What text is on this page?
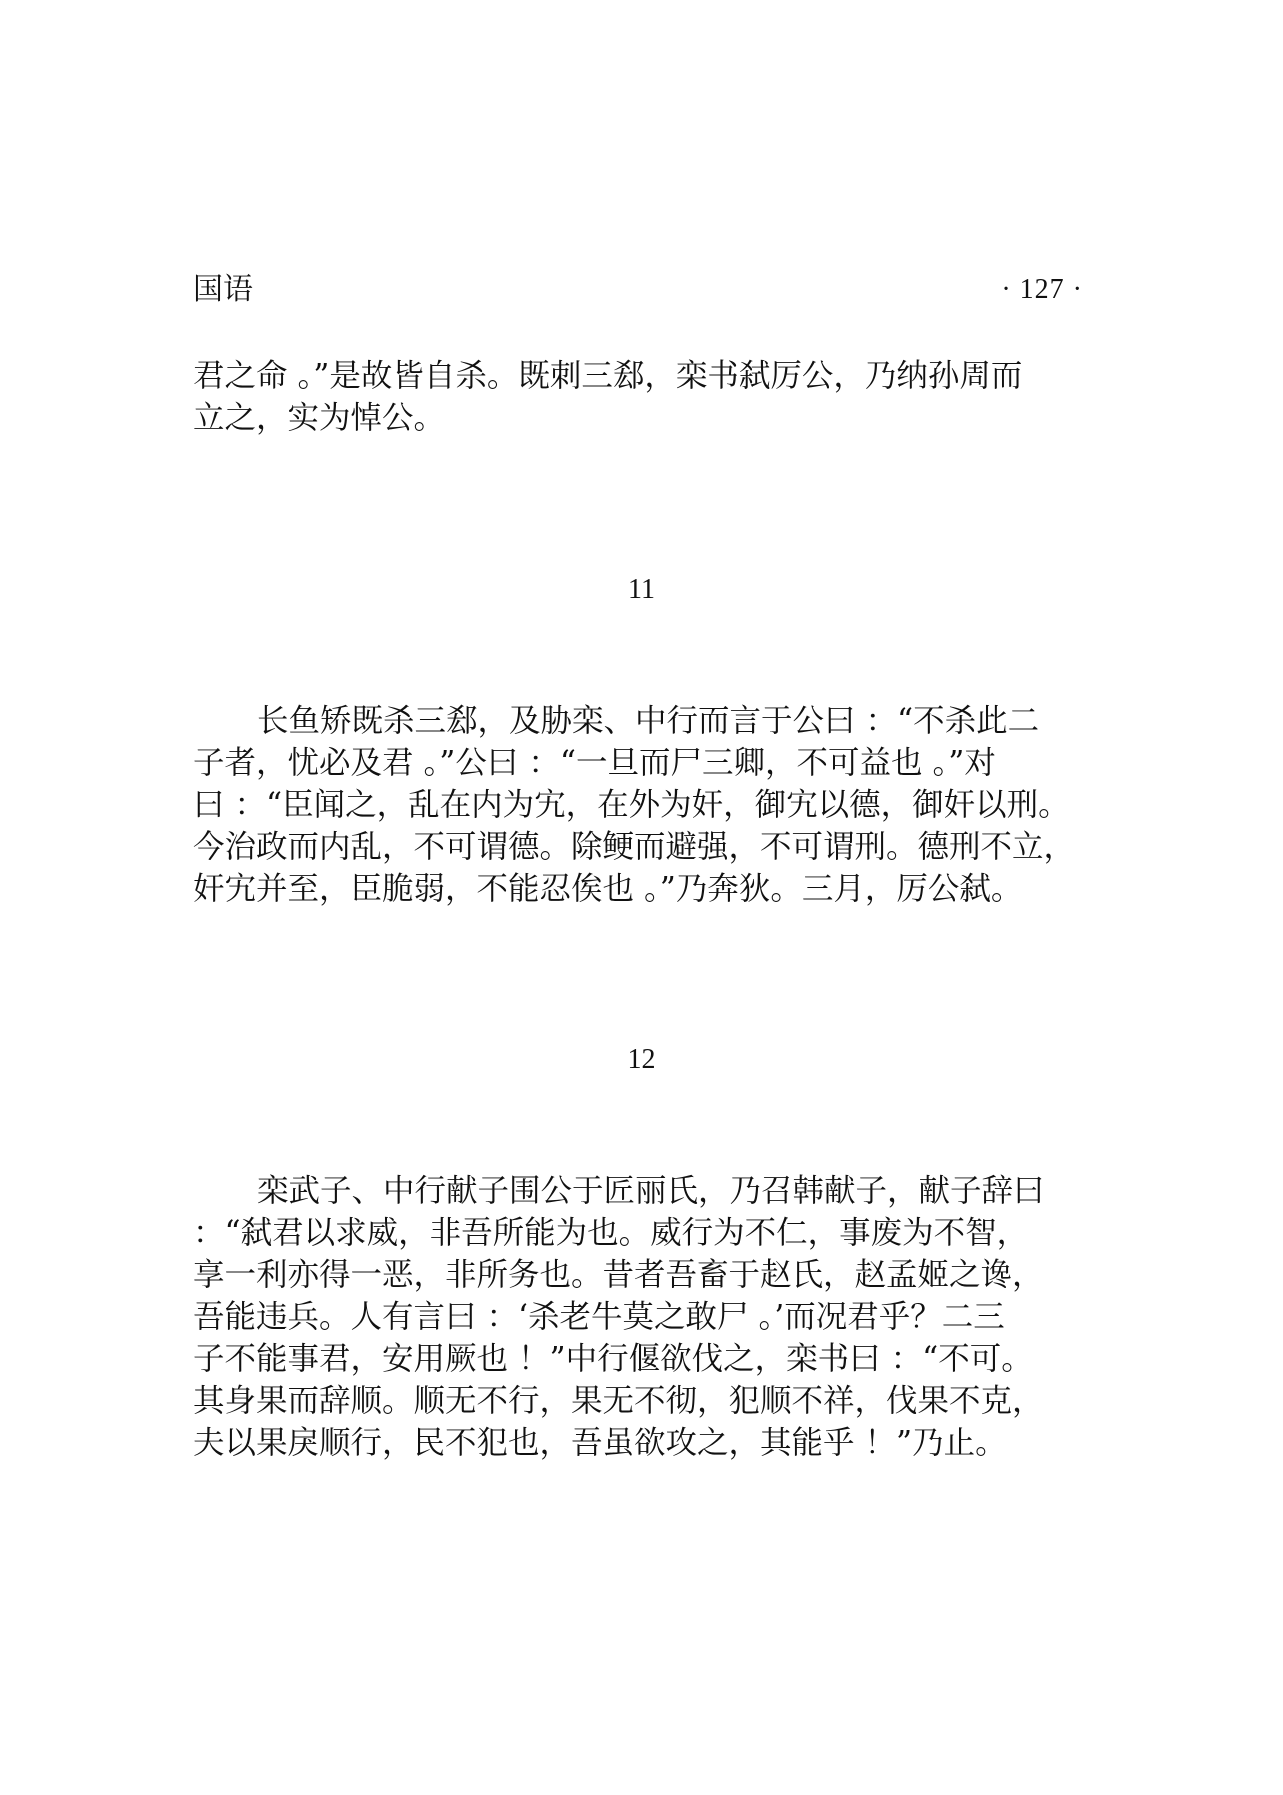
国语	· 127 ·

君之命 。”是故皆自杀。既刺三郄，栾书弑厉公，乃纳孙周而
立之，实为悼公。

11

长鱼矫既杀三郄，及胁栾、中行而言于公曰 ：“不杀此二
子者，忧必及君 。”公曰 ：“一旦而尸三卿，不可益也 。”对
曰 ：“臣闻之，乱在内为宄，在外为奸，御宄以德，御奸以刑。
今治政而内乱，不可谓德。除鲠而避强，不可谓刑。德刑不立，
奸宄并至，臣脆弱，不能忍俟也 。”乃奔狄。三月，厉公弑。

12

栾武子、中行献子围公于匠丽氏，乃召韩献子，献子辞曰
：“弑君以求威，非吾所能为也。威行为不仁，事废为不智，
享一利亦得一恶，非所务也。昔者吾畜于赵氏，赵孟姬之谗，
吾能违兵。人有言曰 ：‘杀老牛莫之敢尸 。’而况君乎？二三
子不能事君，安用厥也 ！”中行偃欲伐之，栾书曰 ：“不可。
其身果而辞顺。顺无不行，果无不彻，犯顺不祥，伐果不克，
夫以果戾顺行，民不犯也，吾虽欲攻之，其能乎 ！”乃止。
